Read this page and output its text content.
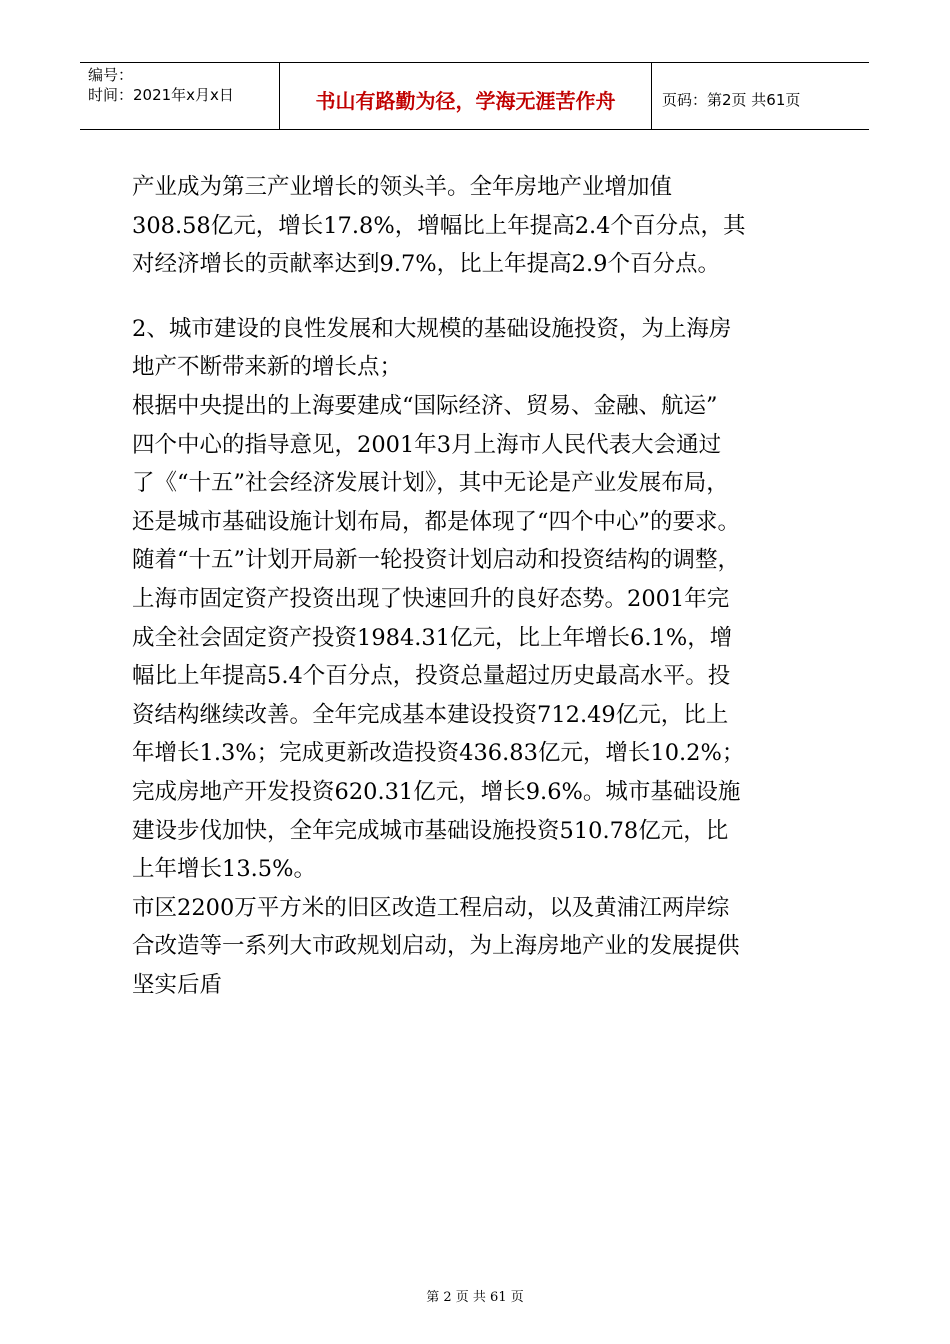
编号：
时间：2021年x月x日	书山有路勤为径，学海无涯苦作舟	页码：第2页 共61页
产业成为第三产业增长的领头羊。全年房地产业增加值
308.58亿元，增长17.8%，增幅比上年提高2.4个百分点，其
对经济增长的贡献率达到9.7%，比上年提高2.9个百分点。
2、城市建设的良性发展和大规模的基础设施投资，为上海房
地产不断带来新的增长点；
根据中央提出的上海要建成“国际经济、贸易、金融、航运”
四个中心的指导意见，2001年3月上海市人民代表大会通过
了《“十五”社会经济发展计划》，其中无论是产业发展布局，
还是城市基础设施计划布局，都是体现了“四个中心”的要求。
随着“十五”计划开局新一轮投资计划启动和投资结构的调整，
上海市固定资产投资出现了快速回升的良好态势。2001年完
成全社会固定资产投资1984.31亿元，比上年增长6.1%，增
幅比上年提高5.4个百分点，投资总量超过历史最高水平。投
资结构继续改善。全年完成基本建设投资712.49亿元，比上
年增长1.3%；完成更新改造投资436.83亿元，增长10.2%；
完成房地产开发投资620.31亿元，增长9.6%。城市基础设施
建设步伐加快，全年完成城市基础设施投资510.78亿元，比
上年增长13.5%。
市区2200万平方米的旧区改造工程启动，以及黄浦江两岸综
合改造等一系列大市政规划启动，为上海房地产业的发展提供
坚实后盾
第 2 页 共 61 页
